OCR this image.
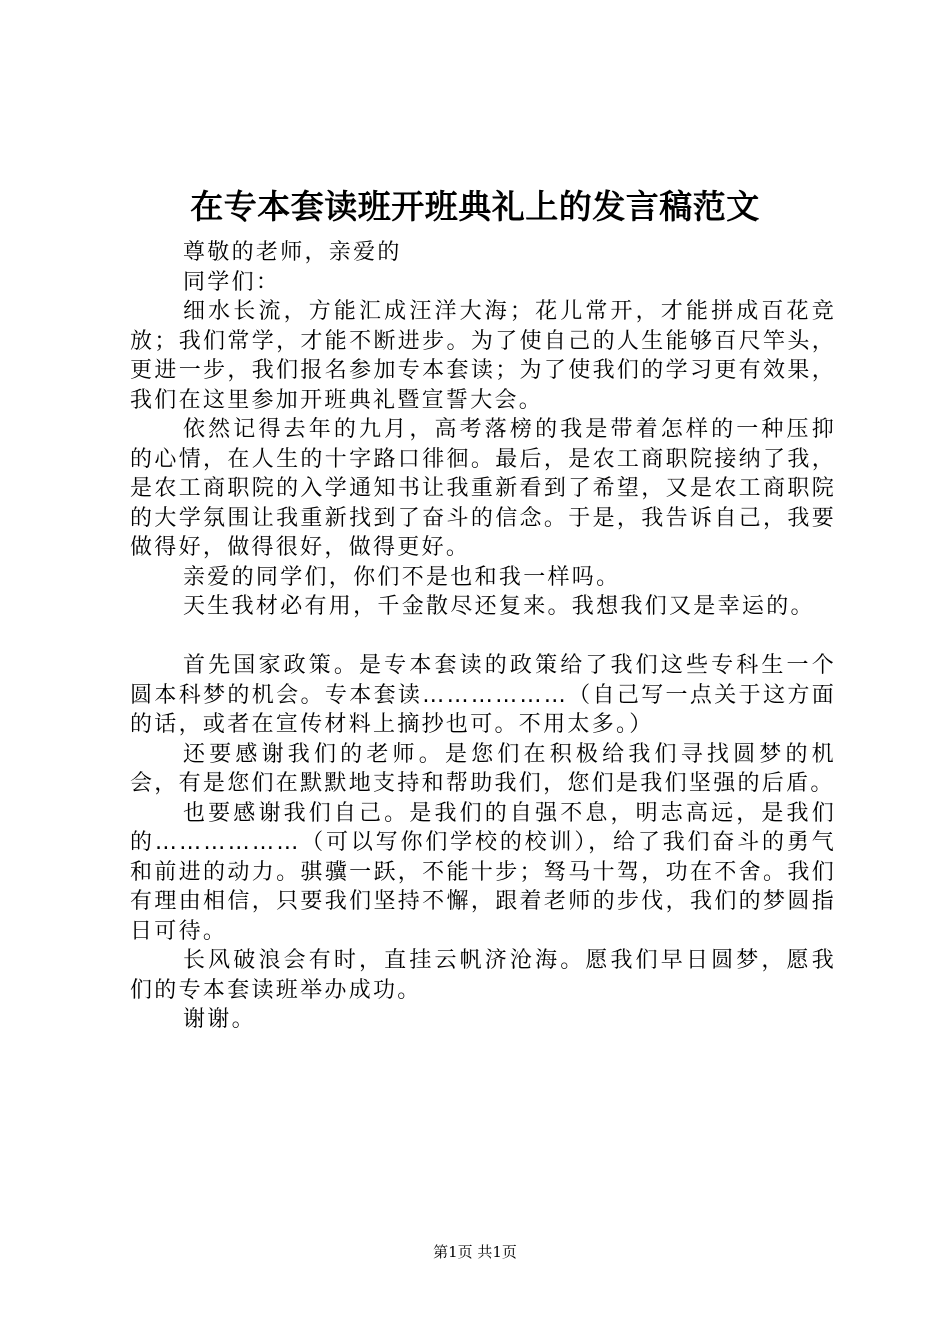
在专本套读班开班典礼上的发言稿范文

尊敬的老师，亲爱的

同学们：

细水长流，方能汇成汪洋大海；花儿常开，才能拼成百花竞放；我们常学，才能不断进步。为了使自己的人生能够百尺竿头，更进一步，我们报名参加专本套读；为了使我们的学习更有效果，我们在这里参加开班典礼暨宣誓大会。

依然记得去年的九月，高考落榜的我是带着怎样的一种压抑的心情，在人生的十字路口徘徊。最后，是农工商职院接纳了我，是农工商职院的入学通知书让我重新看到了希望，又是农工商职院的大学氛围让我重新找到了奋斗的信念。于是，我告诉自己，我要做得好，做得很好，做得更好。

亲爱的同学们，你们不是也和我一样吗。

天生我材必有用，千金散尽还复来。我想我们又是幸运的。

首先国家政策。是专本套读的政策给了我们这些专科生一个圆本科梦的机会。专本套读………………（自己写一点关于这方面的话，或者在宣传材料上摘抄也可。不用太多。）

还要感谢我们的老师。是您们在积极给我们寻找圆梦的机会，有是您们在默默地支持和帮助我们，您们是我们坚强的后盾。

也要感谢我们自己。是我们的自强不息，明志高远，是我们的………………（可以写你们学校的校训），给了我们奋斗的勇气和前进的动力。骐骥一跃，不能十步；驽马十驾，功在不舍。我们有理由相信，只要我们坚持不懈，跟着老师的步伐，我们的梦圆指日可待。

长风破浪会有时，直挂云帆济沧海。愿我们早日圆梦，愿我们的专本套读班举办成功。

谢谢。

第1页 共1页
